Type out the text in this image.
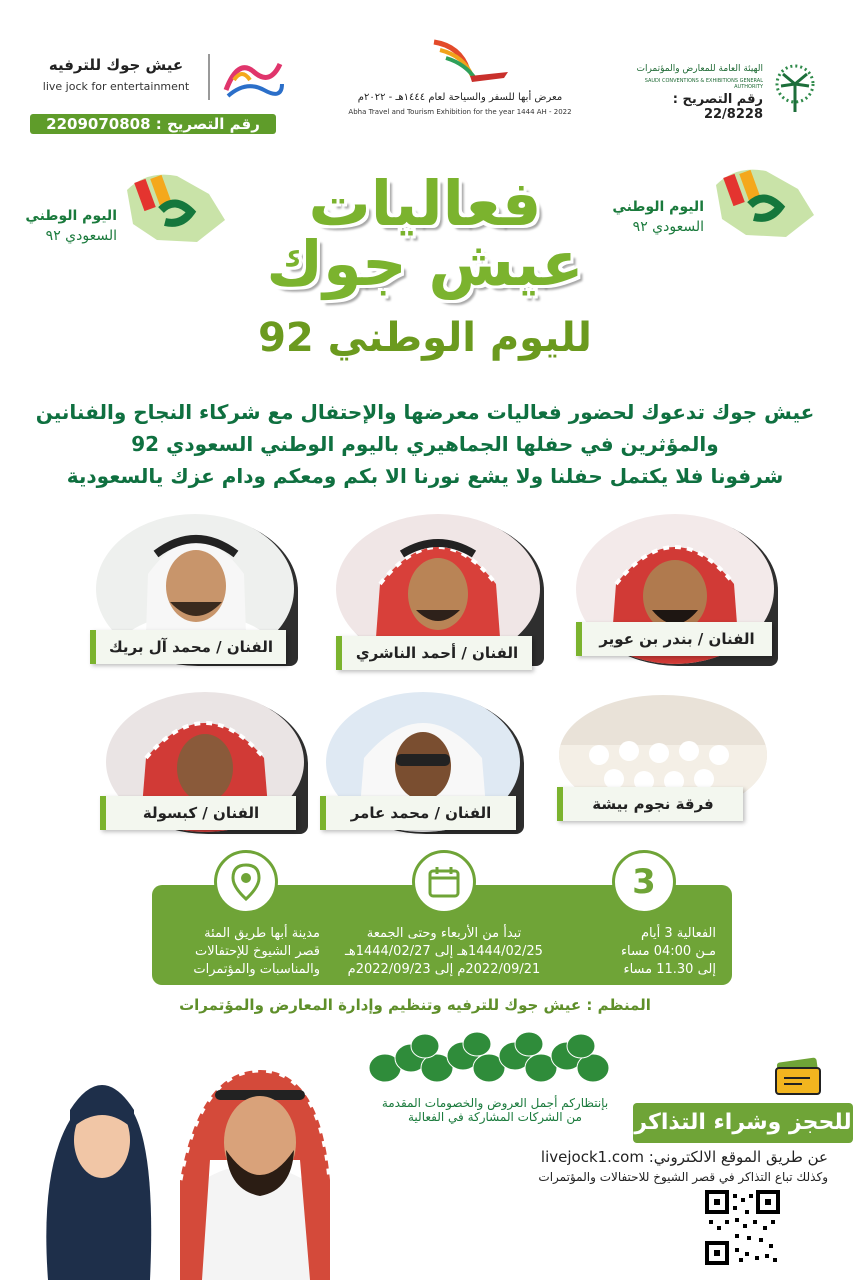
عيش جوك للترفيه
live jock for entertainment
رقم التصريح : 2209070808
معرض أبها للسفر والسياحة لعام ١٤٤٤هـ - ٢٠٢٢م
Abha Travel and Tourism Exhibition for the year 1444 AH - 2022
الهيئة العامة للمعارض والمؤتمرات
SAUDI CONVENTIONS & EXHIBITIONS GENERAL AUTHORITY
رقم التصريح : 22/8228
اليوم الوطني
السعودي ٩٢
اليوم الوطني
السعودي ٩٢
فعاليات
عيش جوك
لليوم الوطني 92
عيش جوك تدعوك لحضور فعاليات معرضها والإحتفال مع شركاء النجاح والفنانين
والمؤثرين في حفلها الجماهيري باليوم الوطني السعودي 92
شرفونا فلا يكتمل حفلنا ولا يشع نورنا الا بكم ومعكم ودام عزك يالسعودية
الفنان / محمد آل بريك	الفنان / أحمد الناشري
الفنان / بندر بن عوير
الفنان / كبسولة	الفنان / محمد عامر	فرقة نجوم بيشة
3
مدينة أبها طريق المئة
قصر الشيوخ للإحتفالات
والمناسبات والمؤتمرات
تبدأ من الأربعاء وحتى الجمعة
1444/02/25هـ إلى 1444/02/27هـ
2022/09/21م إلى 2022/09/23م
الفعالية 3 أيام
مـن 04:00 مساء
إلى 11.30 مساء
المنظم : عيش جوك للترفيه وتنظيم وإدارة المعارض والمؤتمرات
بإنتظاركم أجمل العروض والخصومات المقدمة
من الشركات المشاركة في الفعالية	للحجز وشراء التذاكر
عن طريق الموقع الالكتروني: livejock1.com
وكذلك تباع التذاكر في قصر الشيوخ للاحتفالات والمؤتمرات
